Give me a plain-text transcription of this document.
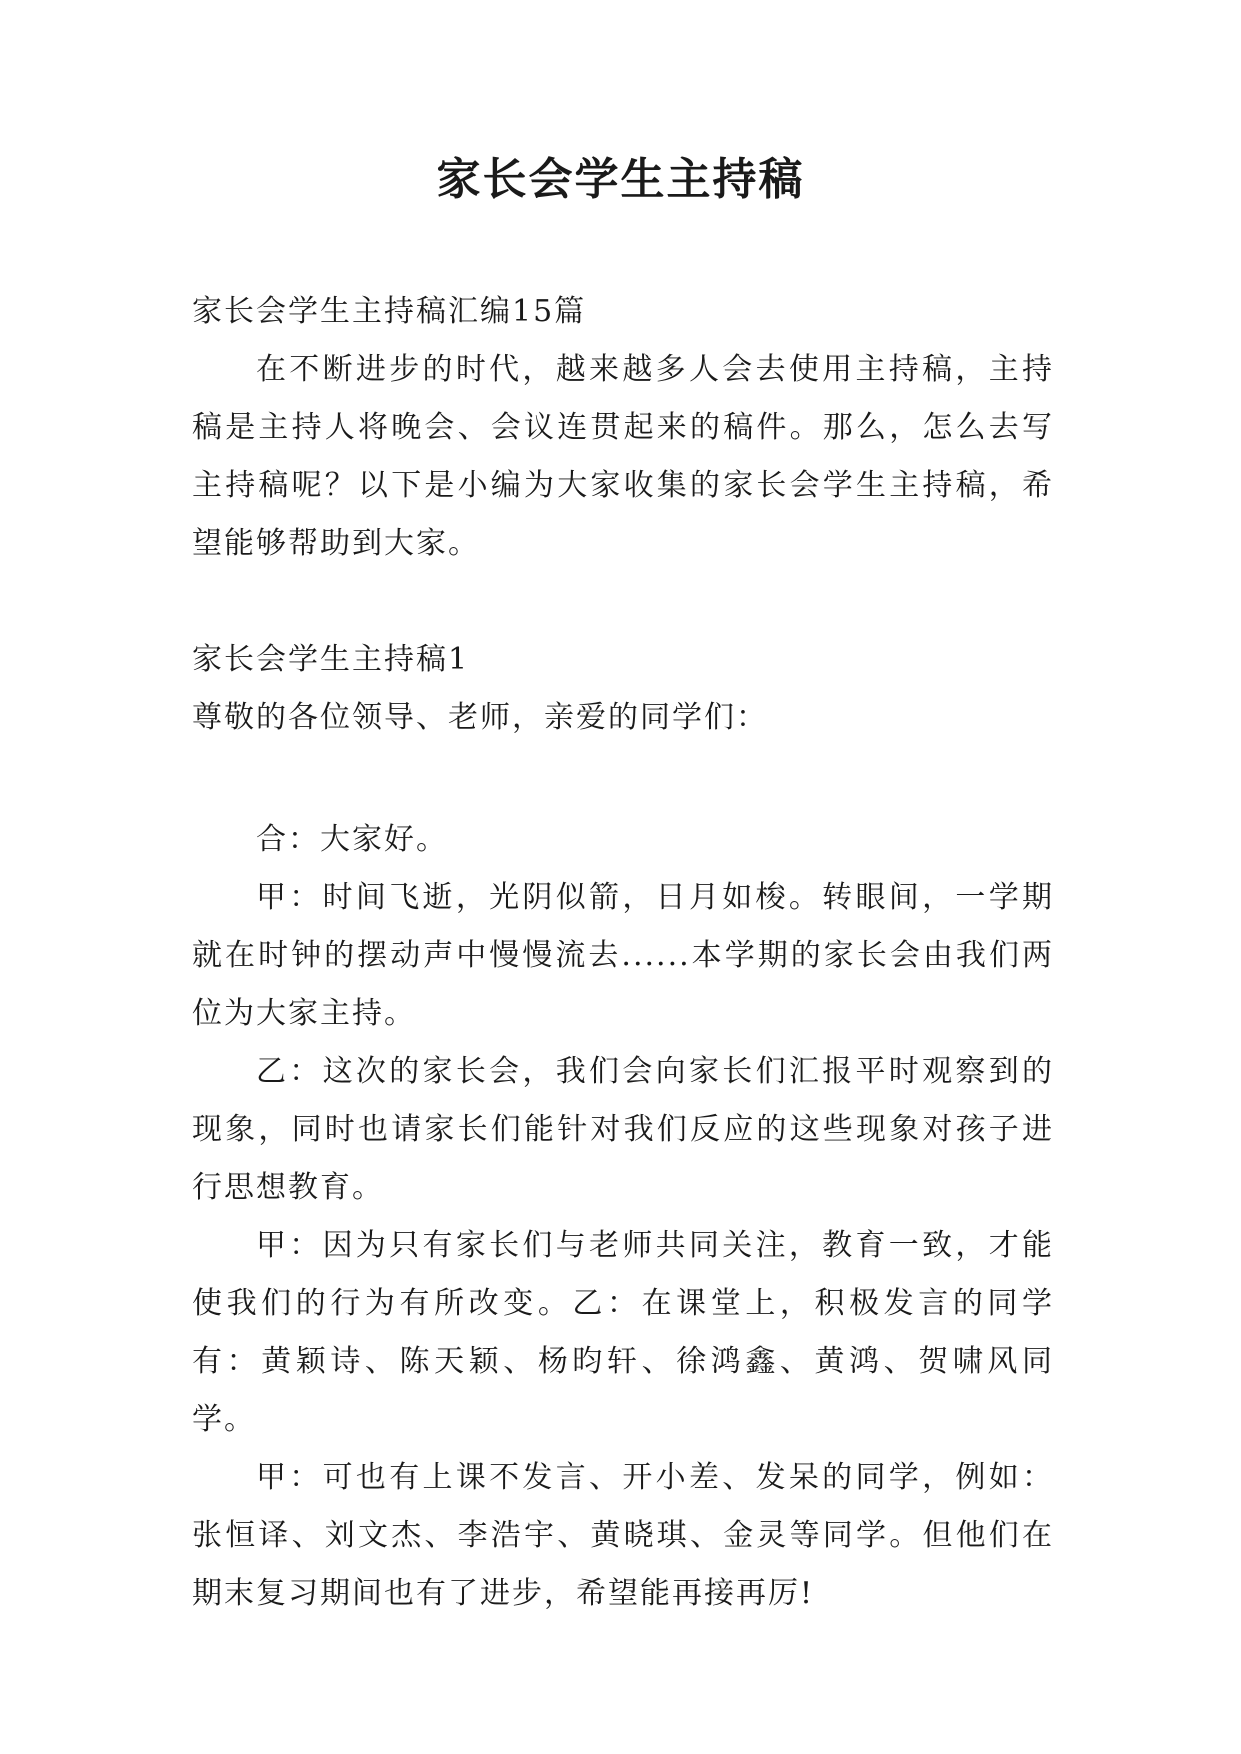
家长会学生主持稿

家长会学生主持稿汇编15篇

在不断进步的时代，越来越多人会去使用主持稿，主持稿是主持人将晚会、会议连贯起来的稿件。那么，怎么去写主持稿呢？以下是小编为大家收集的家长会学生主持稿，希望能够帮助到大家。

家长会学生主持稿1

尊敬的各位领导、老师，亲爱的同学们：

合：大家好。

甲：时间飞逝，光阴似箭，日月如梭。转眼间，一学期就在时钟的摆动声中慢慢流去......本学期的家长会由我们两位为大家主持。

乙：这次的家长会，我们会向家长们汇报平时观察到的现象，同时也请家长们能针对我们反应的这些现象对孩子进行思想教育。

甲：因为只有家长们与老师共同关注，教育一致，才能使我们的行为有所改变。乙：在课堂上，积极发言的同学有：黄颖诗、陈天颖、杨昀轩、徐鸿鑫、黄鸿、贺啸风同学。

甲：可也有上课不发言、开小差、发呆的同学，例如：张恒译、刘文杰、李浩宇、黄晓琪、金灵等同学。但他们在期末复习期间也有了进步，希望能再接再厉!
